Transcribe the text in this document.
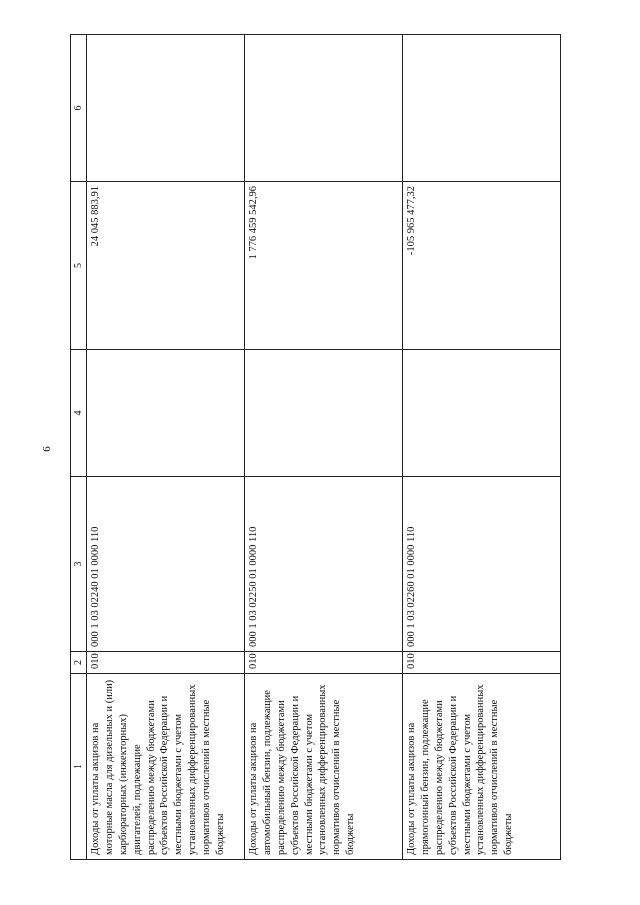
6
1	2	3	4	5	6
Доходы от уплаты акцизов на моторные масла для дизельных и (или) карбюраторных (инжекторных) двигателей, подлежащие распределению между бюджетами субъектов Российской Федерации и местными бюджетами с учетом установленных дифференцированных нормативов отчислений в местные бюджеты	010	000 1 03 02240 01 0000 110		24 045 883,91	
Доходы от уплаты акцизов на автомобильный бензин, подлежащие распределению между бюджетами субъектов Российской Федерации и местными бюджетами с учетом установленных дифференцированных нормативов отчислений в местные бюджеты	010	000 1 03 02250 01 0000 110		1 776 459 542,96	
Доходы от уплаты акцизов на прямогонный бензин, подлежащие распределению между бюджетами субъектов Российской Федерации и местными бюджетами с учетом установленных дифференцированных нормативов отчислений в местные бюджеты	010	000 1 03 02260 01 0000 110		-105 965 477,32	
